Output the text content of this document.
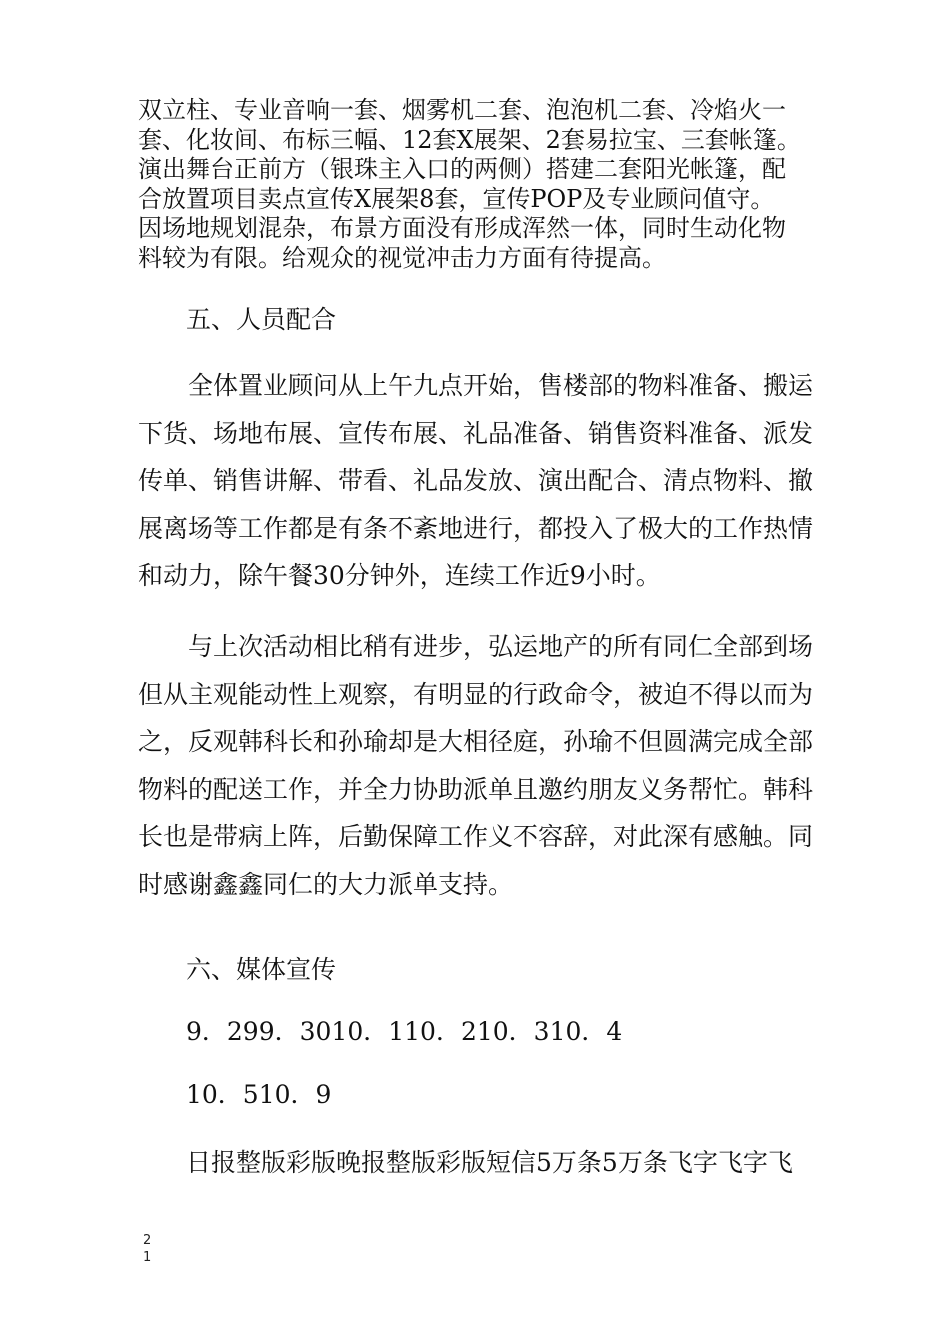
双立柱、专业音响一套、烟雾机二套、泡泡机二套、冷焰火一
套、化妆间、布标三幅、12套X展架、2套易拉宝、三套帐篷。
演出舞台正前方（银珠主入口的两侧）搭建二套阳光帐篷，配
合放置项目卖点宣传X展架8套，宣传POP及专业顾问值守。
因场地规划混杂，布景方面没有形成浑然一体，同时生动化物
料较为有限。给观众的视觉冲击力方面有待提高。
五、人员配合
　　全体置业顾问从上午九点开始，售楼部的物料准备、搬运
下货、场地布展、宣传布展、礼品准备、销售资料准备、派发
传单、销售讲解、带看、礼品发放、演出配合、清点物料、撤
展离场等工作都是有条不紊地进行，都投入了极大的工作热情
和动力，除午餐30分钟外，连续工作近9小时。
　　与上次活动相比稍有进步，弘运地产的所有同仁全部到场
但从主观能动性上观察，有明显的行政命令，被迫不得以而为
之，反观韩科长和孙瑜却是大相径庭，孙瑜不但圆满完成全部
物料的配送工作，并全力协助派单且邀约朋友义务帮忙。韩科
长也是带病上阵，后勤保障工作义不容辞，对此深有感触。同
时感谢鑫鑫同仁的大力派单支持。
六、媒体宣传
9．299．3010．110．210．310．4
10．510．9
日报整版彩版晚报整版彩版短信5万条5万条飞字飞字飞
2
1
